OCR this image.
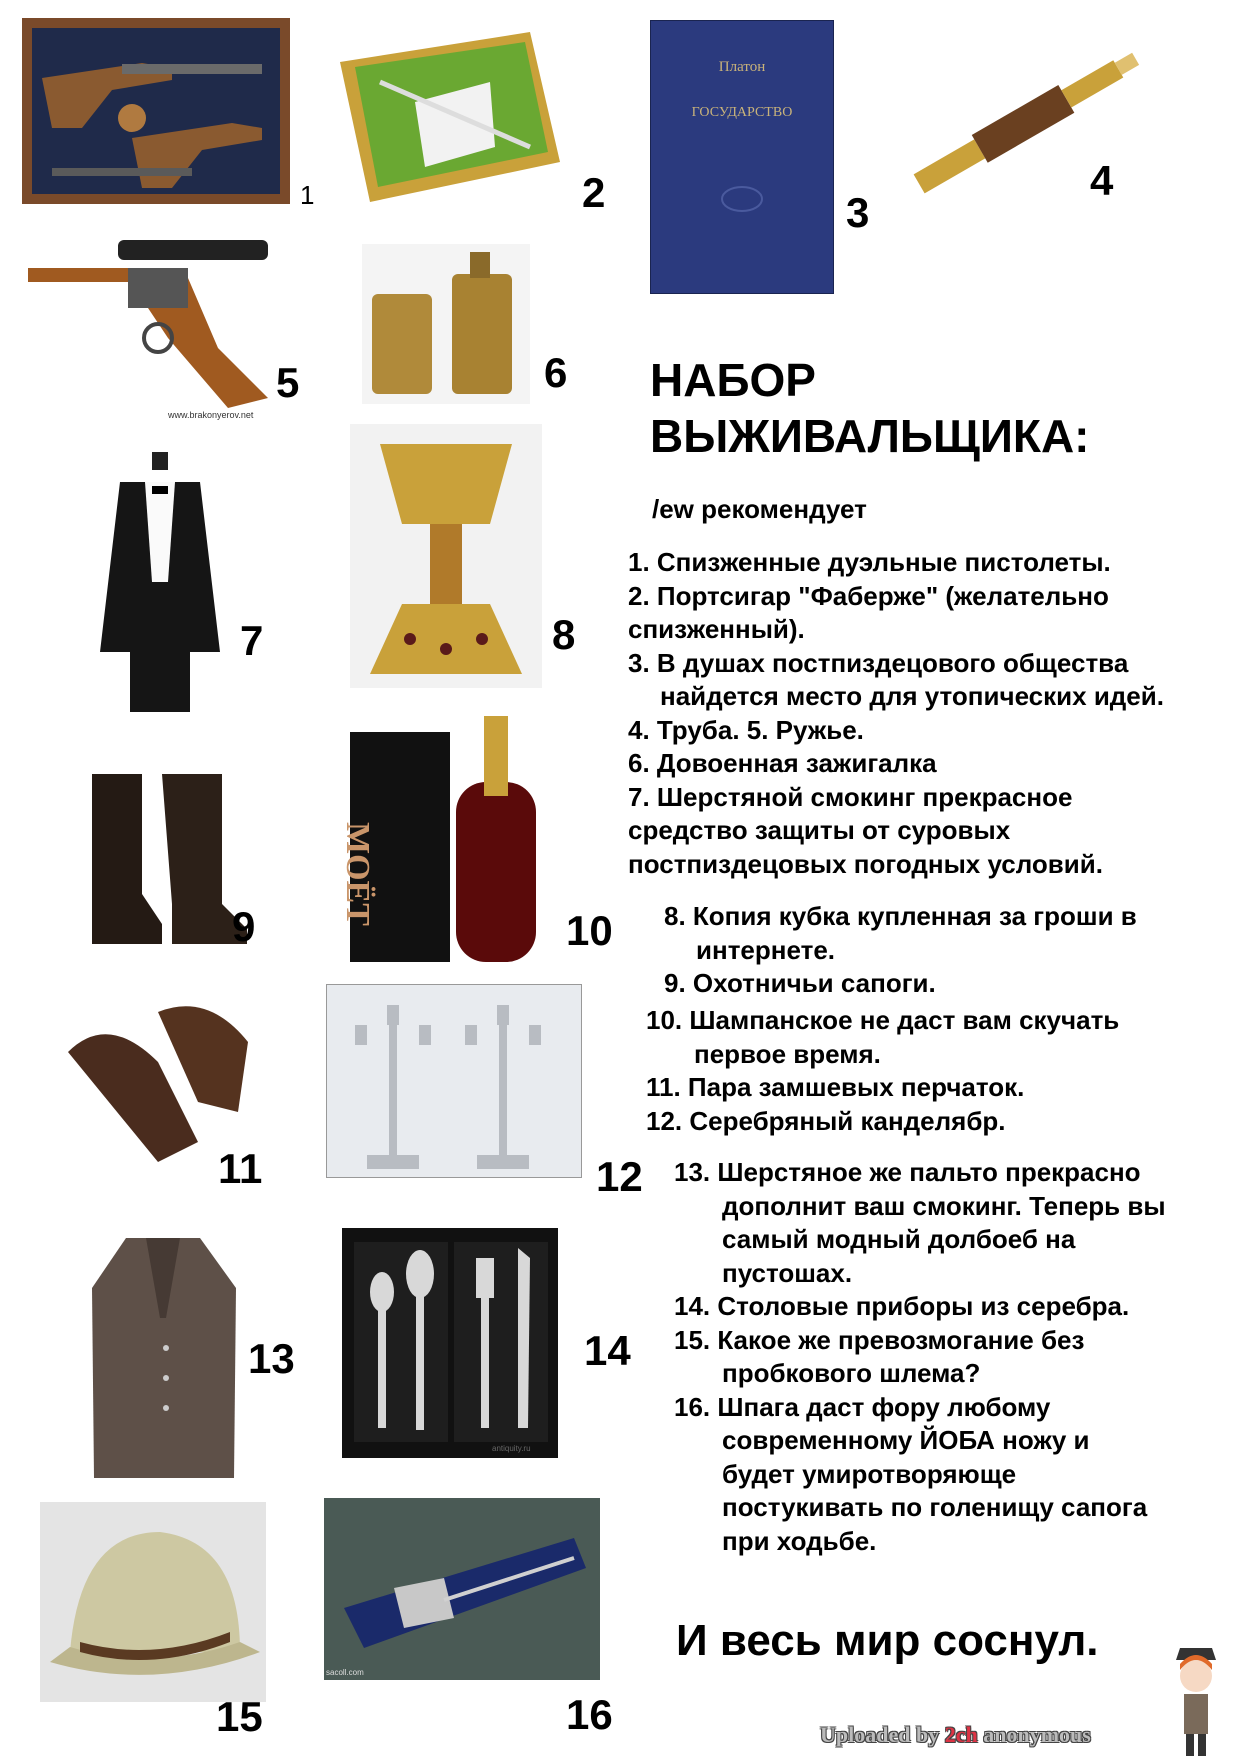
1	2
Платон
ГОСУДАРСТВО
3
4
www.brakonyerov.net
5	6 НАБОР
ВЫЖИВАЛЬЩИКА:
/ew рекомендует
7	8

1. Спизженные дуэльные пистолеты.

2. Портсигар "Фаберже" (желательно спизженный).

3. В душах постпиздецового общества найдется место для утопических идей.

4. Труба. 5. Ружье.

6. Довоенная зажигалка

7. Шерстяной смокинг прекрасное средство защиты от суровых постпиздецовых погодных условий.

9
MOËT
10 8. Копия кубка купленная за гроши в интернете.

9. Охотничьи сапоги.

10. Шампанское не даст вам скучать первое время.

11. Пара замшевых перчаток.

12. Серебряный канделябр.

11	12 13. Шерстяное же пальто прекрасно дополнит ваш смокинг. Теперь вы самый модный долбоеб на пустошах.

14. Столовые приборы из серебра.

15. Какое же превозмогание без пробкового шлема?

16. Шпага даст фору любому современному ЙОБА ножу и будет умиротворяюще постукивать по голенищу сапога при ходьбе.

13
antiquity.ru
14
15
sacoll.com
16
И весь мир соснул.
Uploaded by 2ch anonymous
